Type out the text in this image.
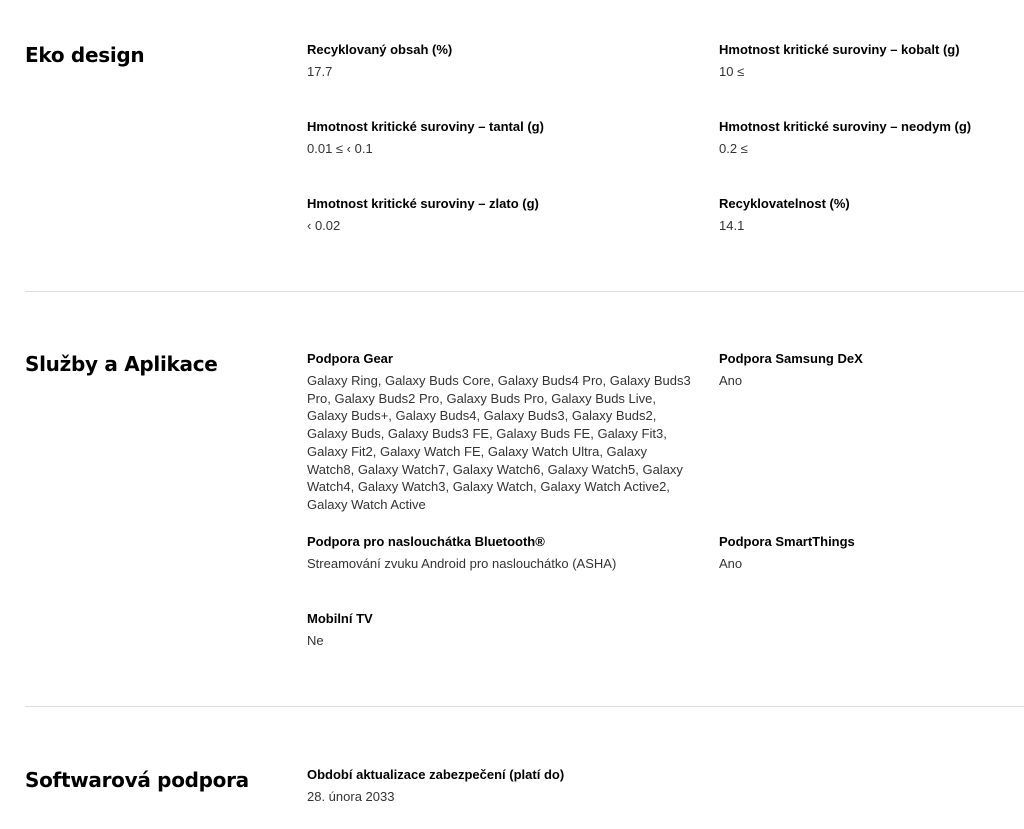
Eko design	Recyklovaný obsah (%)
17.7
Hmotnost kritické suroviny – kobalt (g)
10 ≤
Hmotnost kritické suroviny – tantal (g)
0.01 ≤ ‹ 0.1
Hmotnost kritické suroviny – neodym (g)
0.2 ≤
Hmotnost kritické suroviny – zlato (g)
‹ 0.02
Recyklovatelnost (%)
14.1
Služby a Aplikace	Podpora Gear
Galaxy Ring, Galaxy Buds Core, Galaxy Buds4 Pro, Galaxy Buds3 Pro, Galaxy Buds2 Pro, Galaxy Buds Pro, Galaxy Buds Live, Galaxy Buds+, Galaxy Buds4, Galaxy Buds3, Galaxy Buds2, Galaxy Buds, Galaxy Buds3 FE, Galaxy Buds FE, Galaxy Fit3, Galaxy Fit2, Galaxy Watch FE, Galaxy Watch Ultra, Galaxy Watch8, Galaxy Watch7, Galaxy Watch6, Galaxy Watch5, Galaxy Watch4, Galaxy Watch3, Galaxy Watch, Galaxy Watch Active2, Galaxy Watch Active
Podpora Samsung DeX
Ano
Podpora pro naslouchátka Bluetooth®
Streamování zvuku Android pro naslouchátko (ASHA)
Podpora SmartThings
Ano
Mobilní TV
Ne
Softwarová podpora	Období aktualizace zabezpečení (platí do)
28. února 2033
